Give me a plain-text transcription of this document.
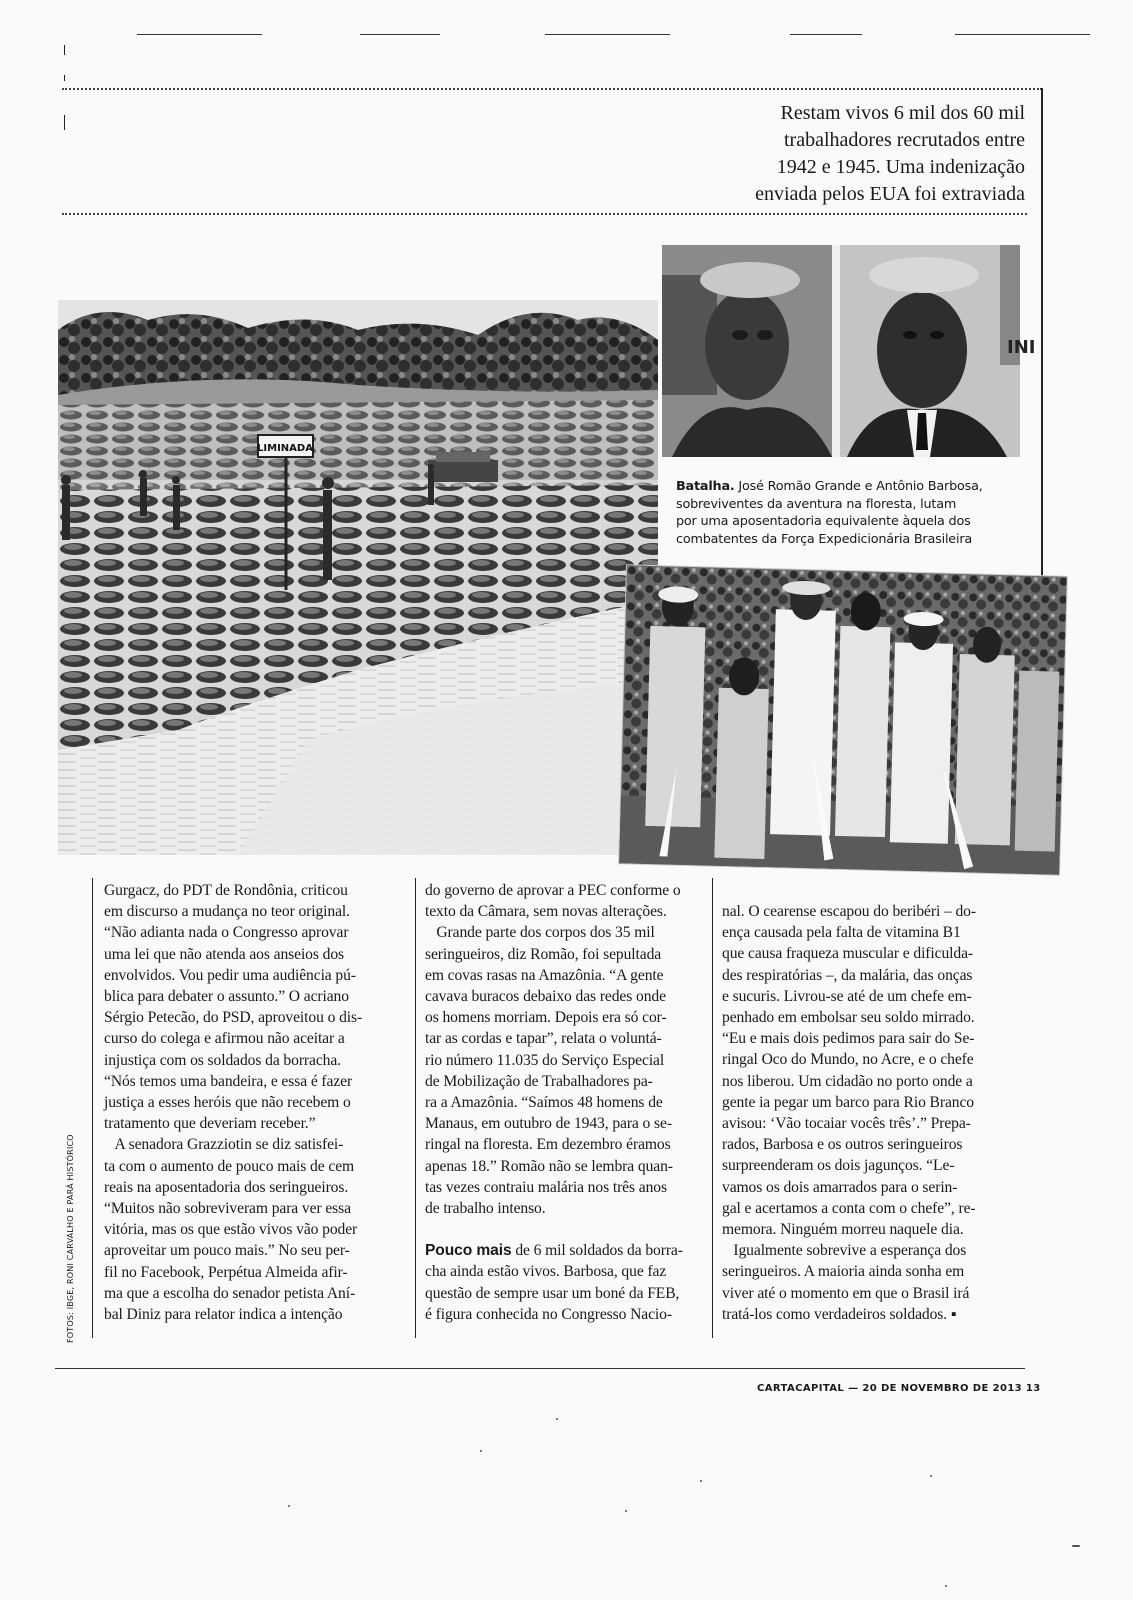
Restam vivos 6 mil dos 60 mil
trabalhadores recrutados entre
1942 e 1945. Uma indenização
enviada pelos EUA foi extraviada
LIMINADA
INI
Batalha. José Romão Grande e Antônio Barbosa,
sobreviventes da aventura na floresta, lutam
por uma aposentadoria equivalente àquela dos
combatentes da Força Expedicionária Brasileira
FOTOS: IBGE, RONI CARVALHO E PARÁ HISTÓRICO
Gurgacz, do PDT de Rondônia, criticou
em discurso a mudança no teor original.
“Não adianta nada o Congresso aprovar
uma lei que não atenda aos anseios dos
envolvidos. Vou pedir uma audiência pú-
blica para debater o assunto.” O acriano
Sérgio Petecão, do PSD, aproveitou o dis-
curso do colega e afirmou não aceitar a
injustiça com os soldados da borracha.
“Nós temos uma bandeira, e essa é fazer
justiça a esses heróis que não recebem o
tratamento que deveriam receber.”
A senadora Grazziotin se diz satisfei-
ta com o aumento de pouco mais de cem
reais na aposentadoria dos seringueiros.
“Muitos não sobreviveram para ver essa
vitória, mas os que estão vivos vão poder
aproveitar um pouco mais.” No seu per-
fil no Facebook, Perpétua Almeida afir-
ma que a escolha do senador petista Aní-
bal Diniz para relator indica a intenção
do governo de aprovar a PEC conforme o
texto da Câmara, sem novas alterações.
Grande parte dos corpos dos 35 mil
seringueiros, diz Romão, foi sepultada
em covas rasas na Amazônia. “A gente
cavava buracos debaixo das redes onde
os homens morriam. Depois era só cor-
tar as cordas e tapar”, relata o voluntá-
rio número 11.035 do Serviço Especial
de Mobilização de Trabalhadores pa-
ra a Amazônia. “Saímos 48 homens de
Manaus, em outubro de 1943, para o se-
ringal na floresta. Em dezembro éramos
apenas 18.” Romão não se lembra quan-
tas vezes contraiu malária nos três anos
de trabalho intenso.
Pouco mais de 6 mil soldados da borra-
cha ainda estão vivos. Barbosa, que faz
questão de sempre usar um boné da FEB,
é figura conhecida no Congresso Nacio-
nal. O cearense escapou do beribéri – do-
ença causada pela falta de vitamina B1
que causa fraqueza muscular e dificulda-
des respiratórias –, da malária, das onças
e sucuris. Livrou-se até de um chefe em-
penhado em embolsar seu soldo mirrado.
“Eu e mais dois pedimos para sair do Se-
ringal Oco do Mundo, no Acre, e o chefe
nos liberou. Um cidadão no porto onde a
gente ia pegar um barco para Rio Branco
avisou: ‘Vão tocaiar vocês três’.” Prepa-
rados, Barbosa e os outros seringueiros
surpreenderam os dois jagunços. “Le-
vamos os dois amarrados para o serin-
gal e acertamos a conta com o chefe”, re-
memora. Ninguém morreu naquele dia.
Igualmente sobrevive a esperança dos
seringueiros. A maioria ainda sonha em
viver até o momento em que o Brasil irá
tratá-los como verdadeiros soldados. ▪
CARTACAPITAL — 20 DE NOVEMBRO DE 2013 13
